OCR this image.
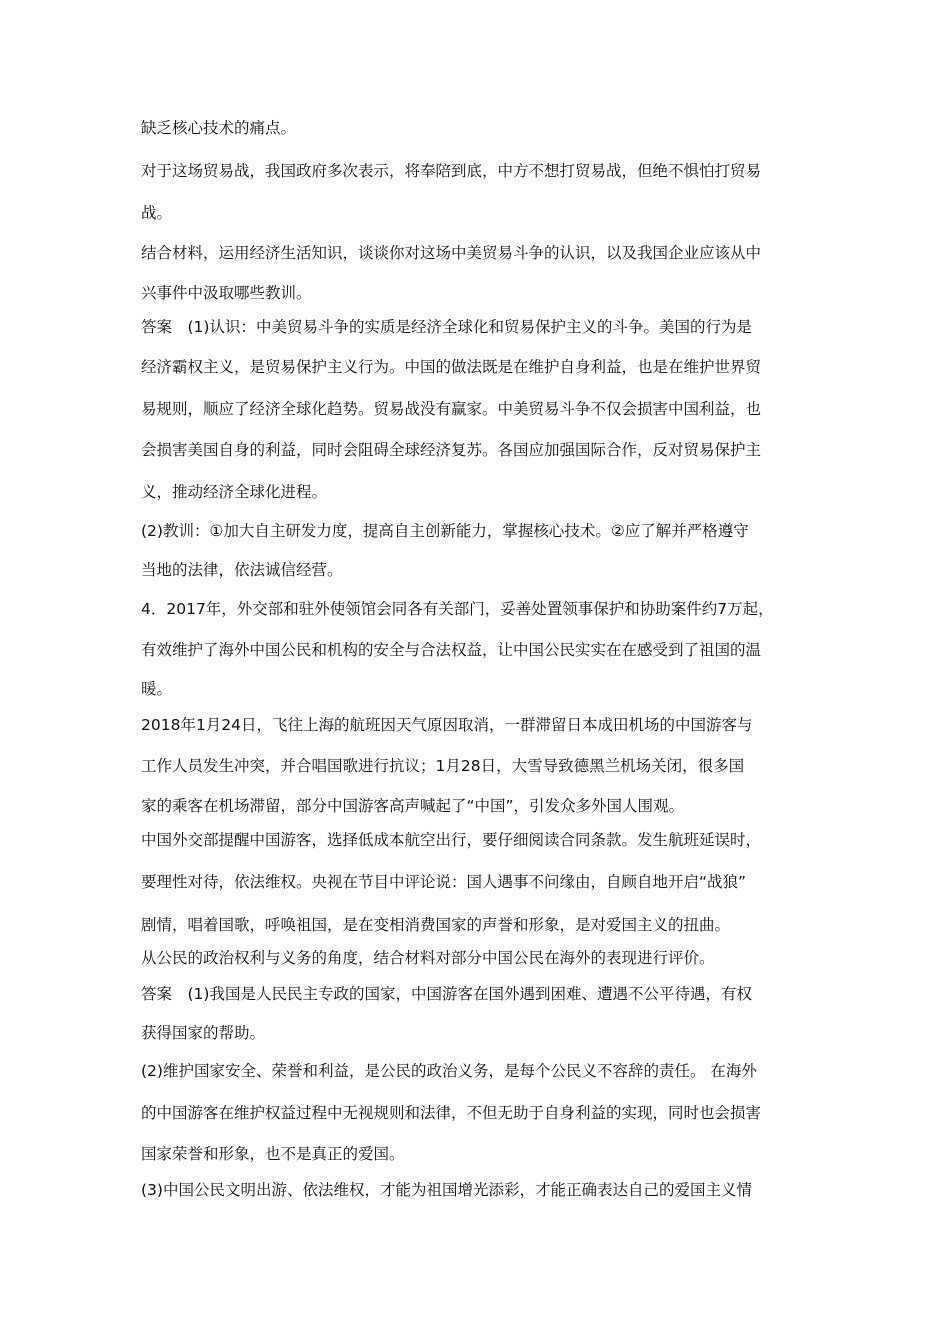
缺乏核心技术的痛点。
对于这场贸易战，我国政府多次表示，将奉陪到底，中方不想打贸易战，但绝不惧怕打贸易
战。
结合材料，运用经济生活知识，谈谈你对这场中美贸易斗争的认识，以及我国企业应该从中
兴事件中汲取哪些教训。
答案　(1)认识：中美贸易斗争的实质是经济全球化和贸易保护主义的斗争。美国的行为是
经济霸权主义，是贸易保护主义行为。中国的做法既是在维护自身利益，也是在维护世界贸
易规则，顺应了经济全球化趋势。贸易战没有赢家。中美贸易斗争不仅会损害中国利益，也
会损害美国自身的利益，同时会阻碍全球经济复苏。各国应加强国际合作，反对贸易保护主
义，推动经济全球化进程。
(2)教训：①加大自主研发力度，提高自主创新能力，掌握核心技术。②应了解并严格遵守
当地的法律，依法诚信经营。
4．2017年，外交部和驻外使领馆会同各有关部门，妥善处置领事保护和协助案件约7万起，
有效维护了海外中国公民和机构的安全与合法权益，让中国公民实实在在感受到了祖国的温
暖。
2018年1月24日，飞往上海的航班因天气原因取消，一群滞留日本成田机场的中国游客与
工作人员发生冲突，并合唱国歌进行抗议；1月28日，大雪导致德黑兰机场关闭，很多国
家的乘客在机场滞留，部分中国游客高声喊起了“中国”，引发众多外国人围观。
中国外交部提醒中国游客，选择低成本航空出行，要仔细阅读合同条款。发生航班延误时，
要理性对待，依法维权。央视在节目中评论说：国人遇事不问缘由，自顾自地开启“战狼”
剧情，唱着国歌，呼唤祖国，是在变相消费国家的声誉和形象，是对爱国主义的扭曲。
从公民的政治权利与义务的角度，结合材料对部分中国公民在海外的表现进行评价。
答案　(1)我国是人民民主专政的国家，中国游客在国外遇到困难、遭遇不公平待遇，有权
获得国家的帮助。
(2)维护国家安全、荣誉和利益，是公民的政治义务，是每个公民义不容辞的责任。 在海外
的中国游客在维护权益过程中无视规则和法律，不但无助于自身利益的实现，同时也会损害
国家荣誉和形象，也不是真正的爱国。
(3)中国公民文明出游、依法维权，才能为祖国增光添彩，才能正确表达自己的爱国主义情
